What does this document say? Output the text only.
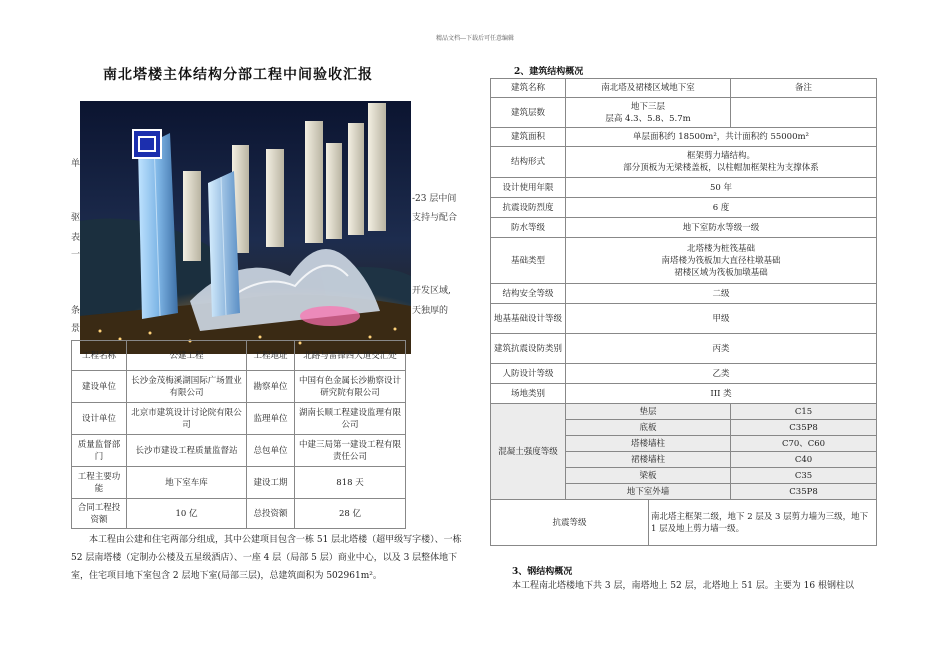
精品文档---下载后可任意编辑
南北塔楼主体结构分部工程中间验收汇报
单
-23 层中间
驱	支持与配合
表
一
开发区域,
条	天独厚的
景
工程名称	公建工程	工程地址	北路与雷锋西大道交汇处
建设单位	长沙金茂梅溪湖国际广场置业有限公司	勘察单位	中国有色金属长沙勘察设计研究院有限公司
设计单位	北京市建筑设计讨论院有限公司	监理单位	湖南长顺工程建设监理有限公司
质量监督部门	长沙市建设工程质量监督站	总包单位	中建三局第一建设工程有限责任公司
工程主要功能	地下室车库	建设工期	818 天
合同工程投资额	10 亿	总投资额	28 亿

本工程由公建和住宅两部分组成，其中公建项目包含一栋 51 层北塔楼（超甲级写字楼）、一栋 52 层南塔楼（定制办公楼及五星级酒店）、一座 4 层（局部 5 层）商业中心，以及 3 层整体地下室，住宅项目地下室包含 2 层地下室(局部三层)，总建筑面积为 502961m²。

2、建筑结构概况
建筑名称	南北塔及裙楼区域地下室		备注
建筑层数	地下三层
层高 4.3、5.8、5.7m		

建筑面积	单层面积约 18500m²，共计面积约 55000m²		
结构形式	框架剪力墙结构。
部分顶板为无梁楼盖板，以柱帽加框架柱为支撑体系		

设计使用年限	50 年		
抗震设防烈度	6 度		
防水等级	地下室防水等级一级		
基础类型	北塔楼为桩筏基础
南塔楼为筏板加大直径柱墩基础
裙楼区域为筏板加墩基础		

结构安全等级	二级		
地基基础设计等级	甲级		
建筑抗震设防类别	丙类		
人防设计等级	乙类		
场地类别	III 类		
混凝土强度等级	垫层		C15
	底板		C35P8
	塔楼墙柱		C70、C60
	裙楼墙柱		C40
	梁板		C35
	地下室外墙		C35P8
抗震等级		南北塔主框架二级，地下 2 层及 3 层剪力墙为三级，地下 1 层及地上剪力墙一级。	
3、钢结构概况

本工程南北塔楼地下共 3 层，南塔地上 52 层，北塔地上 51 层。主要为 16 根钢柱以
